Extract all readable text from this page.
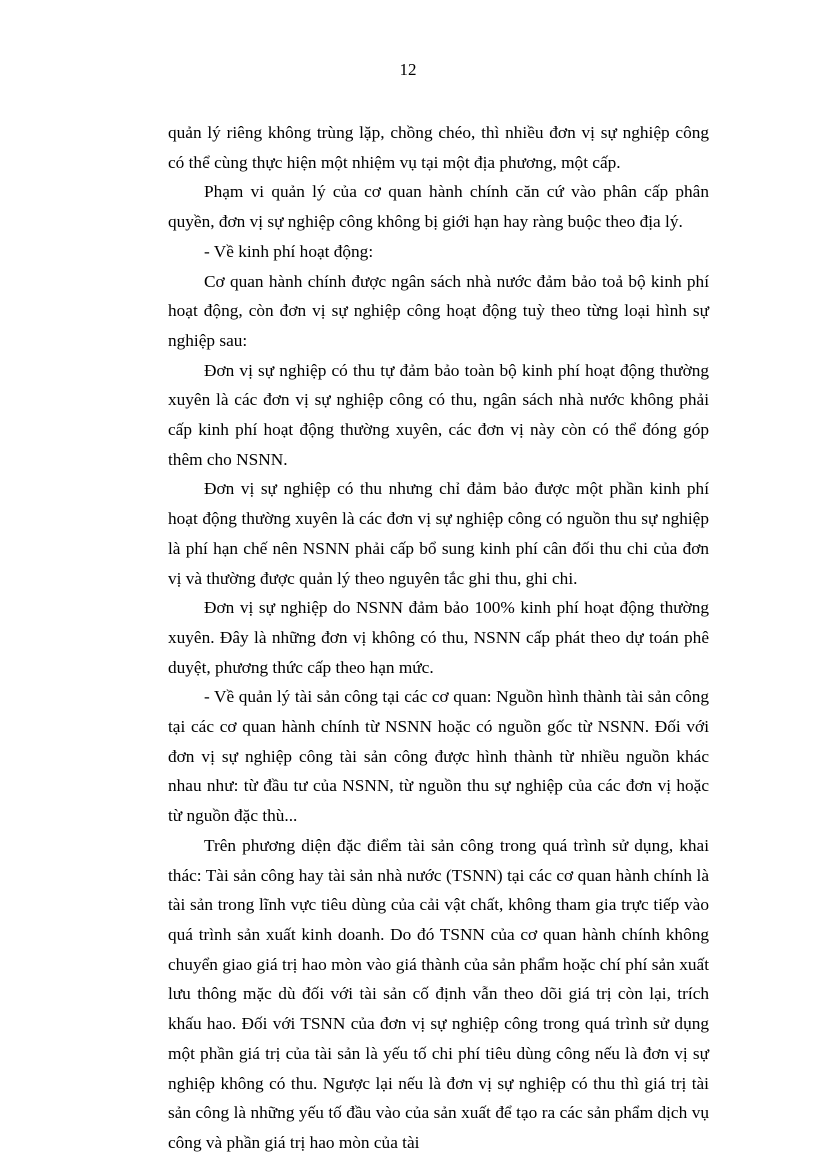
12

quản lý riêng không trùng lặp, chồng chéo, thì nhiều đơn vị sự nghiệp công có thể cùng thực hiện một nhiệm vụ tại một địa phương, một cấp.

Phạm vi quản lý của cơ quan hành chính căn cứ vào phân cấp phân quyền, đơn vị sự nghiệp công không bị giới hạn hay ràng buộc theo địa lý.

- Về kinh phí hoạt động:

Cơ quan hành chính được ngân sách nhà nước đảm bảo toả bộ kinh phí hoạt động, còn đơn vị sự nghiệp công hoạt động tuỳ theo từng loại hình sự nghiệp sau:

Đơn vị sự nghiệp có thu tự đảm bảo toàn bộ kinh phí hoạt động thường xuyên là các đơn vị sự nghiệp công có thu, ngân sách nhà nước không phải cấp kinh phí hoạt động thường xuyên, các đơn vị này còn có thể đóng góp thêm cho NSNN.

Đơn vị sự nghiệp có thu nhưng chỉ đảm bảo được một phần kinh phí hoạt động thường xuyên là các đơn vị sự nghiệp công có nguồn thu sự nghiệp là phí hạn chế nên NSNN phải cấp bổ sung kinh phí cân đối thu chi của đơn vị và thường được quản lý theo nguyên tắc ghi thu, ghi chi.

Đơn vị sự nghiệp do NSNN đảm bảo 100% kinh phí hoạt động thường xuyên. Đây là những đơn vị không có thu, NSNN cấp phát theo dự toán phê duyệt, phương thức cấp theo hạn mức.

- Về quản lý tài sản công tại các cơ quan: Nguồn hình thành tài sản công tại các cơ quan hành chính từ NSNN hoặc có nguồn gốc từ NSNN. Đối với đơn vị sự nghiệp công tài sản công được hình thành từ nhiều nguồn khác nhau như: từ đầu tư của NSNN, từ nguồn thu sự nghiệp của các đơn vị hoặc từ nguồn đặc thù...

Trên phương diện đặc điểm tài sản công trong quá trình sử dụng, khai thác: Tài sản công hay tài sản nhà nước (TSNN) tại các cơ quan hành chính là tài sản trong lĩnh vực tiêu dùng của cải vật chất, không tham gia trực tiếp vào quá trình sản xuất kinh doanh. Do đó TSNN của cơ quan hành chính không chuyển giao giá trị hao mòn vào giá thành của sản phẩm hoặc chí phí sản xuất lưu thông mặc dù đối với tài sản cố định vẫn theo dõi giá trị còn lại, trích khấu hao. Đối với TSNN của đơn vị sự nghiệp công trong quá trình sử dụng một phần giá trị của tài sản là yếu tố chi phí tiêu dùng công nếu là đơn vị sự nghiệp không có thu. Ngược lại nếu là đơn vị sự nghiệp có thu thì giá trị tài sản công là những yếu tố đầu vào của sản xuất để tạo ra các sản phẩm dịch vụ công và phần giá trị hao mòn của tài
